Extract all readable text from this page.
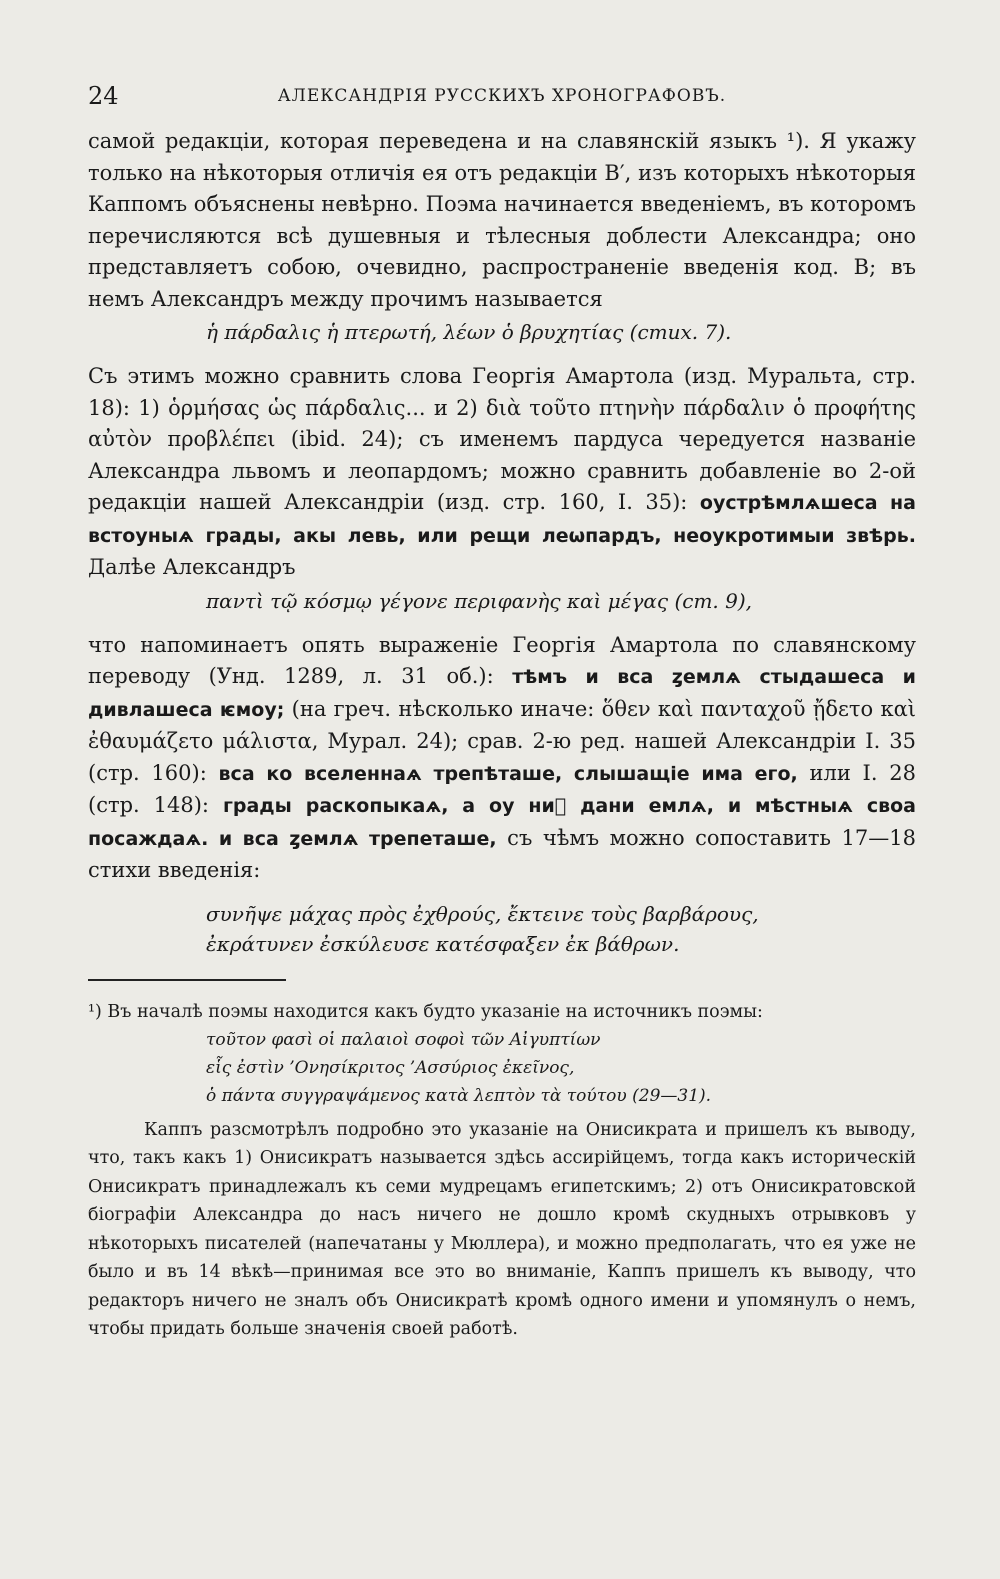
24	АЛЕКСАНДРІЯ РУССКИХЪ ХРОНОГРАФОВЪ.

самой редакціи, которая переведена и на славянскій языкъ ¹). Я укажу только на нѣкоторыя отличія ея отъ редакціи В′, изъ которыхъ нѣкоторыя Каппомъ объяснены невѣрно. Поэма начинается введеніемъ, въ которомъ перечисляются всѣ душевныя и тѣлесныя доблести Александра; оно представляетъ собою, очевидно, распространеніе введенія код. В; въ немъ Александръ между прочимъ называется

ἡ πάρδαλις ἡ πτερωτή, λέων ὁ βρυχητίας (стих. 7).

Съ этимъ можно сравнить слова Георгія Амартола (изд. Муральта, стр. 18): 1) ὁρμήσας ὡς πάρδαλις... и 2) διὰ τοῦτο πτηνὴν πάρδαλιν ὁ προφήτης αὐτὸν προβλέπει (ibid. 24); съ именемъ пардуса чередуется названіе Александра львомъ и леопардомъ; можно сравнить добавленіе во 2-ой редакціи нашей Александріи (изд. стр. 160, I. 35): оустрѣмлѧшеса на встоуныѧ грады, акы левь, или рещи леѡпардъ, неоукротимыи звѣрь. Далѣе Александръ

παντὶ τῷ κόσμῳ γέγονε περιφανὴς καὶ μέγας (ст. 9),

что напоминаетъ опять выраженіе Георгія Амартола по славянскому переводу (Унд. 1289, л. 31 об.): тѣмъ и вса ȥемлѧ стыдашеса и дивлашеса ѥмоу; (на греч. нѣсколько иначе: ὅθεν καὶ πανταχοῦ ᾔδετο καὶ ἐθαυμάζετο μάλιστα, Мурал. 24); срав. 2-ю ред. нашей Александріи I. 35 (стр. 160): вса ко вселеннаѧ трепѣташе, слышащіе има его, или I. 28 (стр. 148): грады раскопыкаѧ, а оу ниⷯ дани емлѧ, и мѣстныѧ своа посаждаѧ. и вса ȥемлѧ трепеташе, съ чѣмъ можно сопоставить 17—18 стихи введенія:

συνῆψε μάχας πρὸς ἐχθρούς, ἔκτεινε τοὺς βαρβάρους,

ἐκράτυνεν ἐσκύλευσε κατέσφαξεν ἐκ βάθρων.

¹) Въ началѣ поэмы находится какъ будто указаніе на источникъ поэмы:

τοῦτον φασὶ οἱ παλαιοὶ σοφοὶ τῶν Αἰγυπτίων

εἷς ἐστὶν ’Ονησίκριτος ’Ασσύριος ἐκεῖνος,

ὁ πάντα συγγραψάμενος κατὰ λεπτὸν τὰ τούτου (29—31).

Каппъ разсмотрѣлъ подробно это указаніе на Онисикрата и пришелъ къ выводу, что, такъ какъ 1) Онисикратъ называется здѣсь ассирійцемъ, тогда какъ историческій Онисикратъ принадлежалъ къ семи мудрецамъ египетскимъ; 2) отъ Онисикратовской біографіи Александра до насъ ничего не дошло кромѣ скудныхъ отрывковъ у нѣкоторыхъ писателей (напечатаны у Мюллера), и можно предполагать, что ея уже не было и въ 14 вѣкѣ—принимая все это во вниманіе, Каппъ пришелъ къ выводу, что редакторъ ничего не зналъ объ Онисикратѣ кромѣ одного имени и упомянулъ о немъ, чтобы придать больше значенія своей работѣ.
